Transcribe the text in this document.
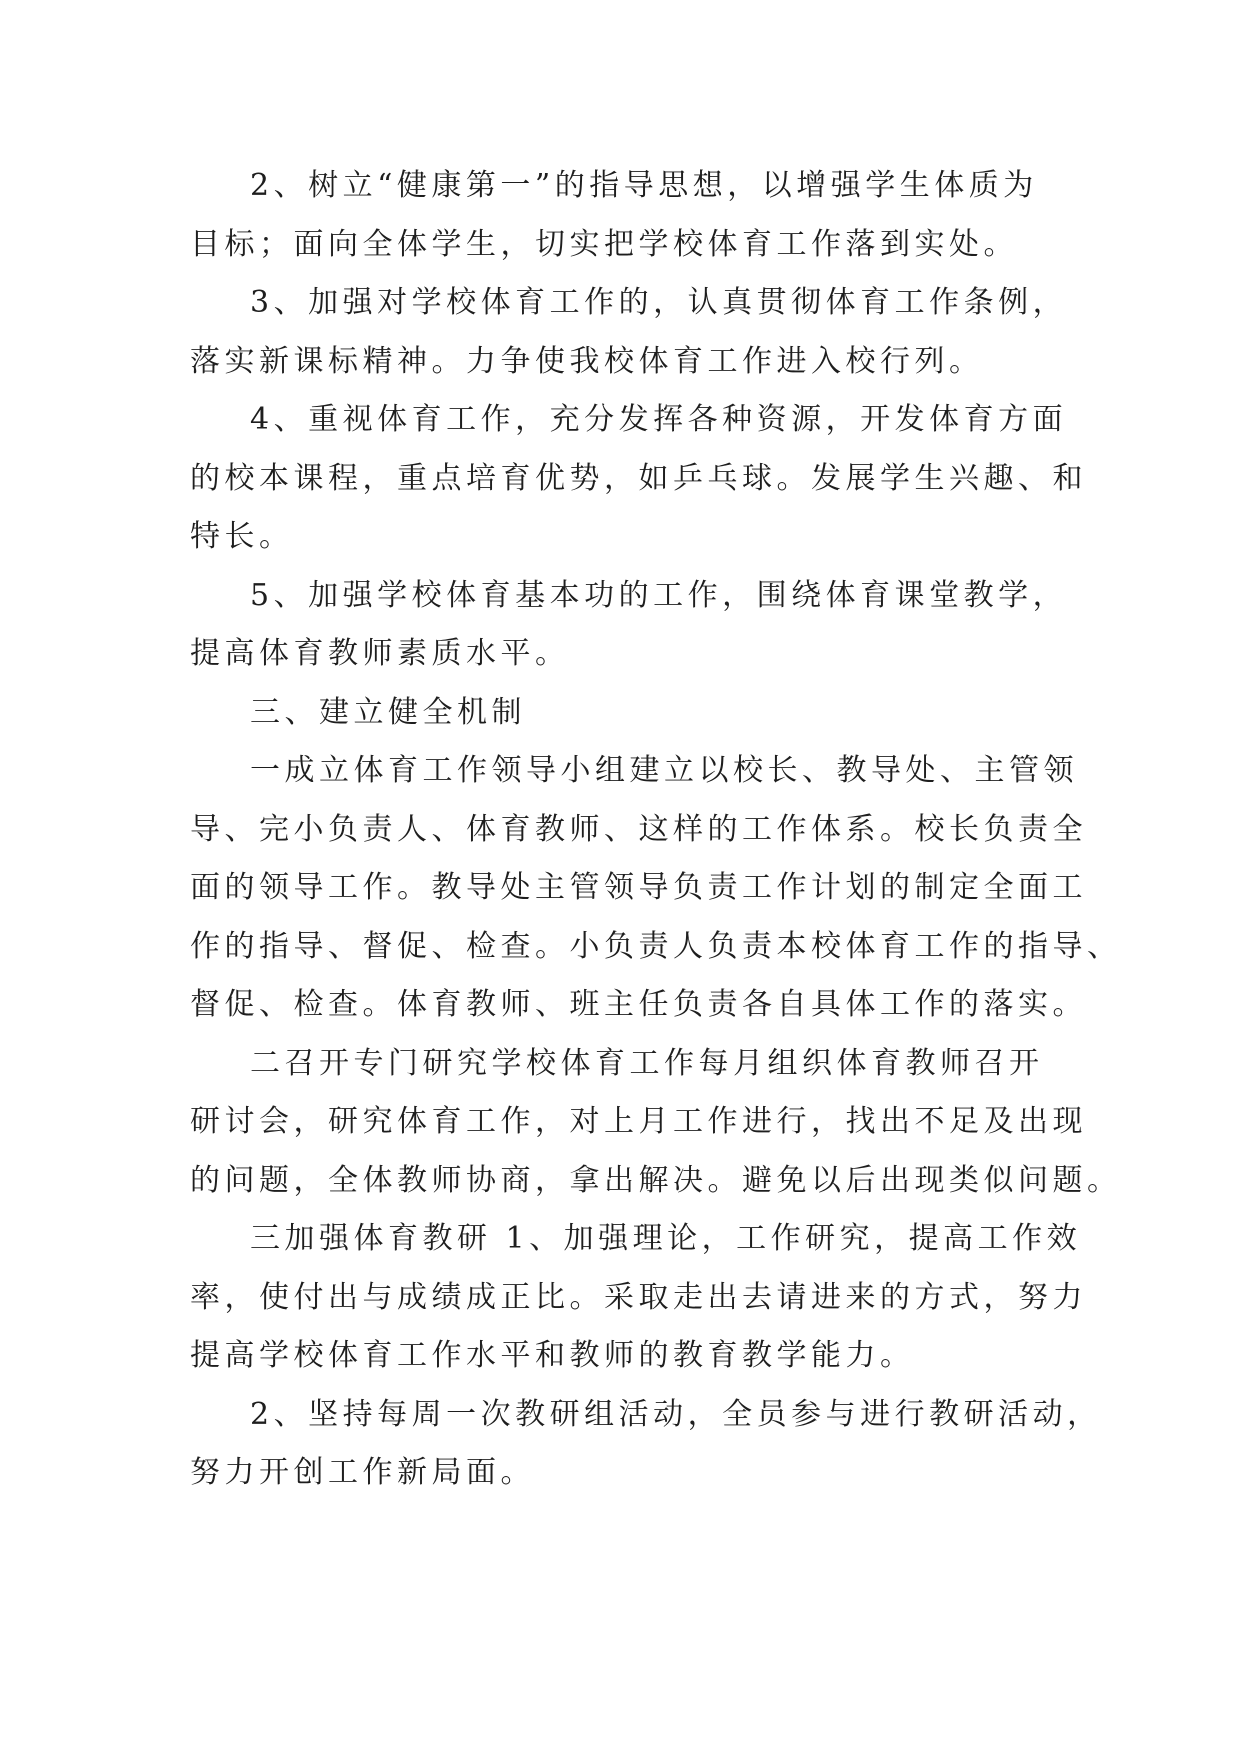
2、树立“健康第一”的指导思想，以增强学生体质为
目标；面向全体学生，切实把学校体育工作落到实处。

3、加强对学校体育工作的，认真贯彻体育工作条例，
落实新课标精神。力争使我校体育工作进入校行列。

4、重视体育工作，充分发挥各种资源，开发体育方面
的校本课程，重点培育优势，如乒乓球。发展学生兴趣、和
特长。

5、加强学校体育基本功的工作，围绕体育课堂教学，
提高体育教师素质水平。

三、建立健全机制

一成立体育工作领导小组建立以校长、教导处、主管领
导、完小负责人、体育教师、这样的工作体系。校长负责全
面的领导工作。教导处主管领导负责工作计划的制定全面工
作的指导、督促、检查。小负责人负责本校体育工作的指导、
督促、检查。体育教师、班主任负责各自具体工作的落实。

二召开专门研究学校体育工作每月组织体育教师召开
研讨会，研究体育工作，对上月工作进行，找出不足及出现
的问题，全体教师协商，拿出解决。避免以后出现类似问题。

三加强体育教研 1、加强理论，工作研究，提高工作效
率，使付出与成绩成正比。采取走出去请进来的方式，努力
提高学校体育工作水平和教师的教育教学能力。

2、坚持每周一次教研组活动，全员参与进行教研活动，
努力开创工作新局面。
